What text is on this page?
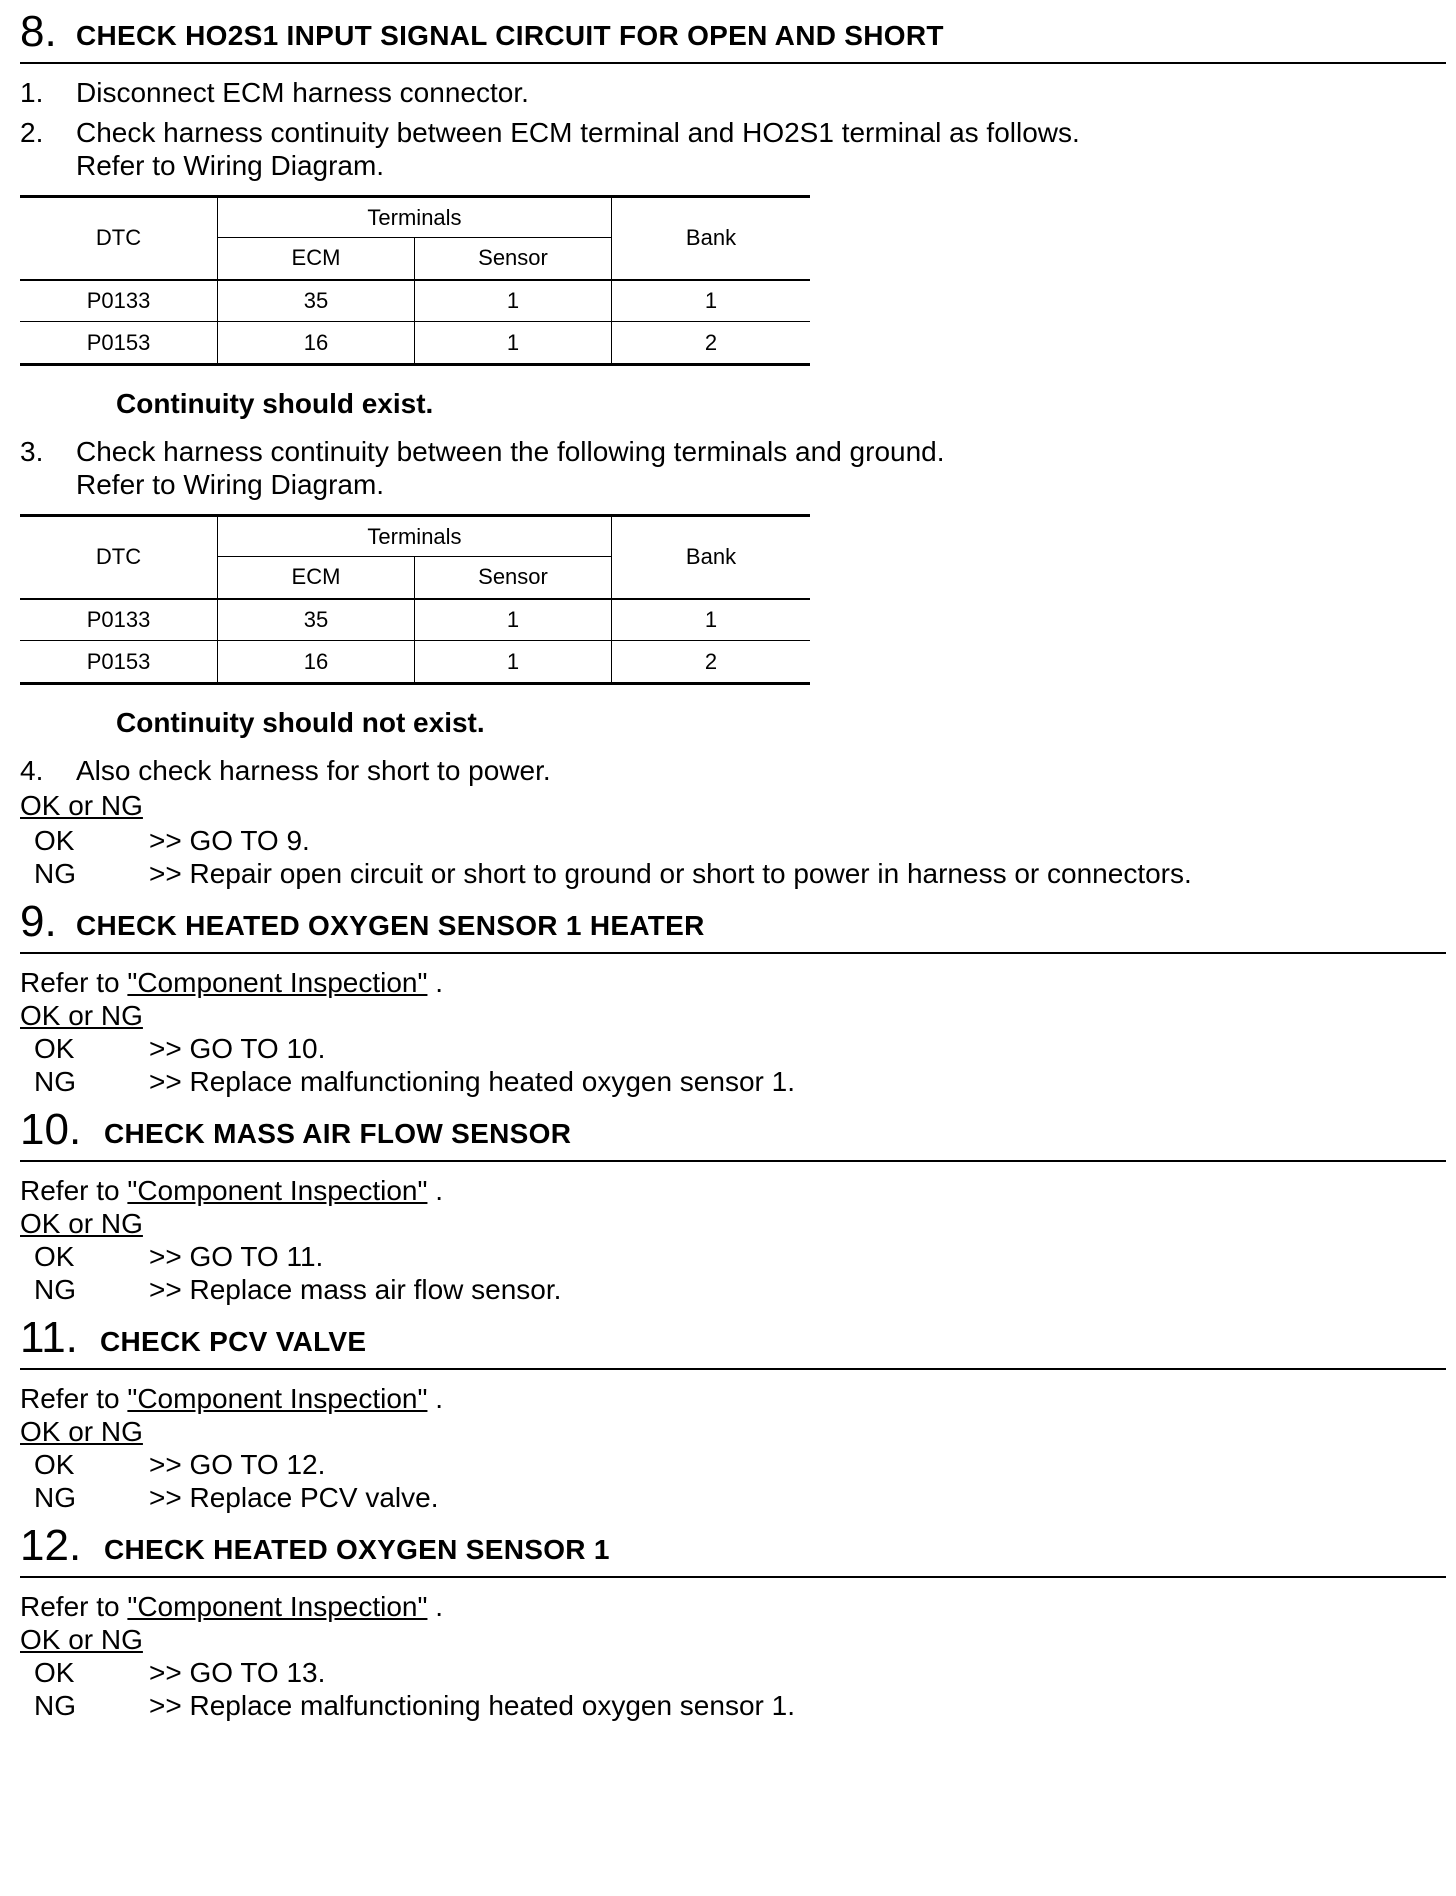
8. CHECK HO2S1 INPUT SIGNAL CIRCUIT FOR OPEN AND SHORT
1. Disconnect ECM harness connector.
2. Check harness continuity between ECM terminal and HO2S1 terminal as follows.
Refer to Wiring Diagram.
DTC	Terminals		Bank
	ECM	Sensor	
P0133	35	1	1
P0153	16	1	2
Continuity should exist.
3. Check harness continuity between the following terminals and ground.
Refer to Wiring Diagram.
DTC	Terminals		Bank
	ECM	Sensor	
P0133	35	1	1
P0153	16	1	2
Continuity should not exist.
4. Also check harness for short to power.
OK or NG
OK	>> GO TO 9.
NG	>> Repair open circuit or short to ground or short to power in harness or connectors.
9. CHECK HEATED OXYGEN SENSOR 1 HEATER
Refer to "Component Inspection" .
OK or NG
OK	>> GO TO 10.
NG	>> Replace malfunctioning heated oxygen sensor 1.
10. CHECK MASS AIR FLOW SENSOR
Refer to "Component Inspection" .
OK or NG
OK	>> GO TO 11.
NG	>> Replace mass air flow sensor.
11. CHECK PCV VALVE
Refer to "Component Inspection" .
OK or NG
OK	>> GO TO 12.
NG	>> Replace PCV valve.
12. CHECK HEATED OXYGEN SENSOR 1
Refer to "Component Inspection" .
OK or NG
OK	>> GO TO 13.
NG	>> Replace malfunctioning heated oxygen sensor 1.
